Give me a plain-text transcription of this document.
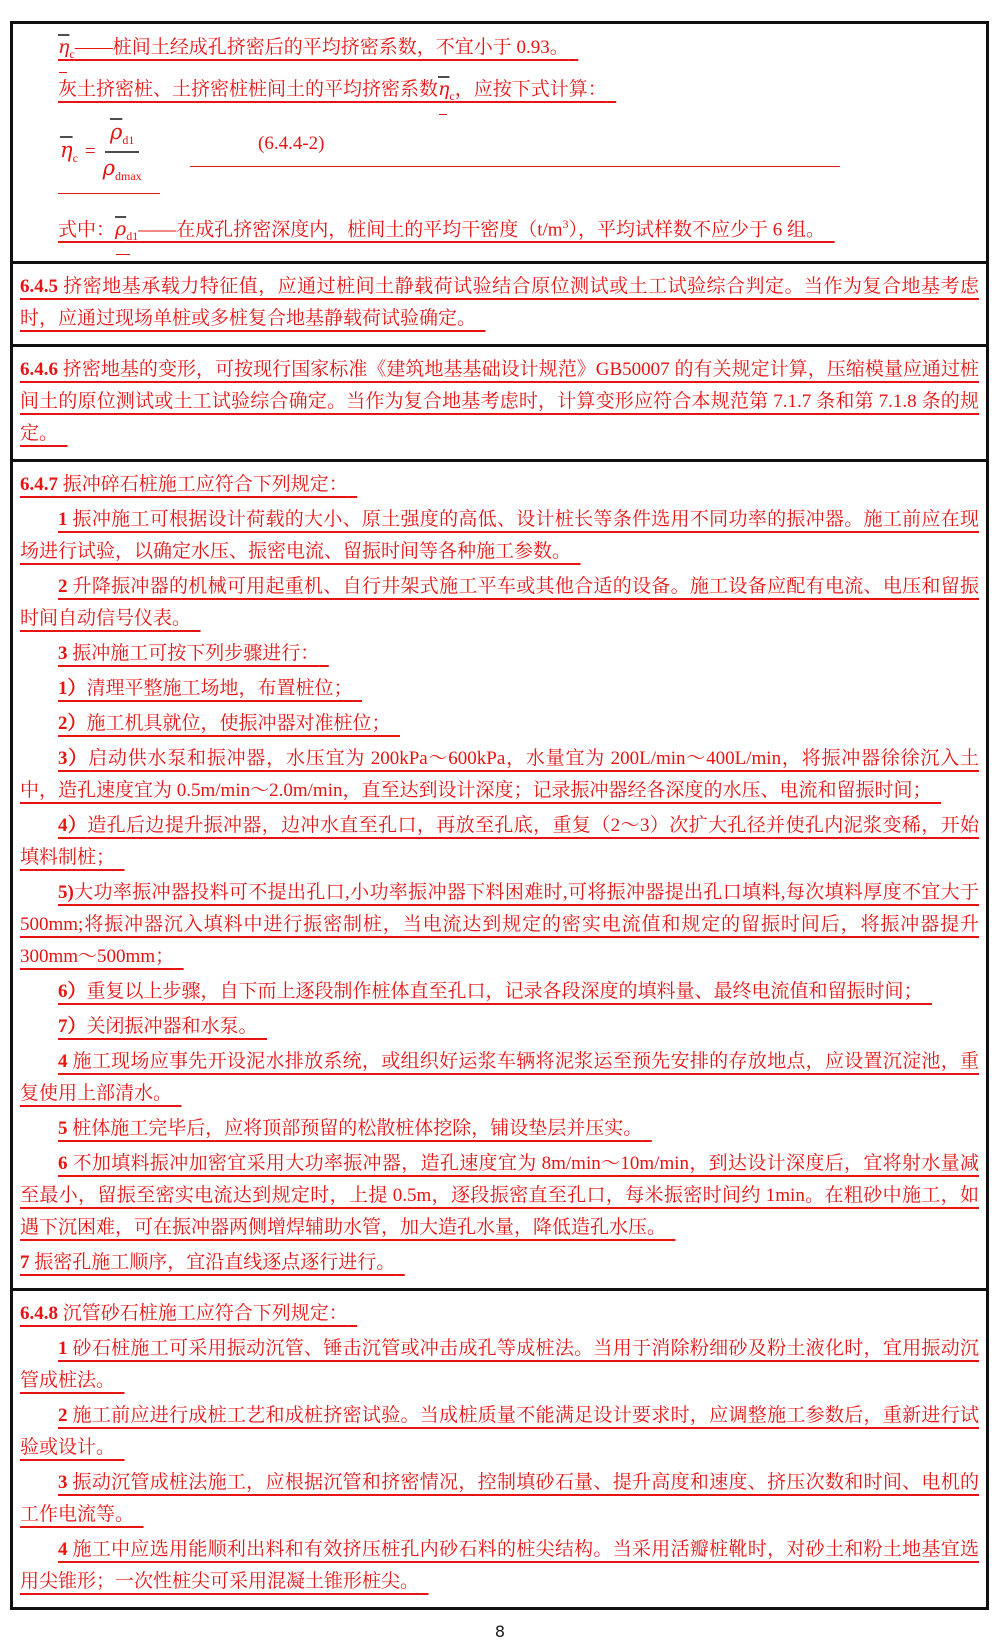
$\eta_c——$桩间土经成孔挤密后的平均挤密系数，不宜小于 0.93。

灰土挤密桩、土挤密桩桩间土的平均挤密系数$\eta_c$，应按下式计算：

$\overline{\eta}_c = \frac{\overline{\rho}_{d1}}{\rho_{dmax}}$	(6.4.4-2)

式中：$\rho_{d1}——$在成孔挤密深度内，桩间土的平均干密度$(t/m^3)$，平均试样数不应少于 6 组。

6.4.5 挤密地基承载力特征值，应通过桩间土静载荷试验结合原位测试或土工试验综合判定。当作为复合地基考虑时，应通过现场单桩或多桩复合地基静载荷试验确定。

6.4.6 挤密地基的变形，可按现行国家标准《建筑地基基础设计规范》GB50007 的有关规定计算，压缩模量应通过桩间土的原位测试或土工试验综合确定。当作为复合地基考虑时，计算变形应符合本规范第 7.1.7 条和第 7.1.8 条的规定。

6.4.7 振冲碎石桩施工应符合下列规定：

1 振冲施工可根据设计荷载的大小、原土强度的高低、设计桩长等条件选用不同功率的振冲器。施工前应在现场进行试验，以确定水压、振密电流、留振时间等各种施工参数。

2 升降振冲器的机械可用起重机、自行井架式施工平车或其他合适的设备。施工设备应配有电流、电压和留振时间自动信号仪表。

3 振冲施工可按下列步骤进行：

1）清理平整施工场地，布置桩位；

2）施工机具就位，使振冲器对准桩位；

3）启动供水泵和振冲器，水压宜为 200kPa～600kPa，水量宜为 200L/min～400L/min，将振冲器徐徐沉入土中，造孔速度宜为 0.5m/min～2.0m/min，直至达到设计深度；记录振冲器经各深度的水压、电流和留振时间；

4）造孔后边提升振冲器，边冲水直至孔口，再放至孔底，重复（2～3）次扩大孔径并使孔内泥浆变稀，开始填料制桩；

5)大功率振冲器投料可不提出孔口,小功率振冲器下料困难时,可将振冲器提出孔口填料,每次填料厚度不宜大于 500mm;将振冲器沉入填料中进行振密制桩，当电流达到规定的密实电流值和规定的留振时间后，将振冲器提升 300mm～500mm；

6）重复以上步骤，自下而上逐段制作桩体直至孔口，记录各段深度的填料量、最终电流值和留振时间；

7）关闭振冲器和水泵。

4 施工现场应事先开设泥水排放系统，或组织好运浆车辆将泥浆运至预先安排的存放地点，应设置沉淀池，重复使用上部清水。

5 桩体施工完毕后，应将顶部预留的松散桩体挖除，铺设垫层并压实。

6 不加填料振冲加密宜采用大功率振冲器，造孔速度宜为 8m/min～10m/min，到达设计深度后，宜将射水量减至最小，留振至密实电流达到规定时，上提 0.5m，逐段振密直至孔口，每米振密时间约 1min。在粗砂中施工，如遇下沉困难，可在振冲器两侧增焊辅助水管，加大造孔水量，降低造孔水压。

7 振密孔施工顺序，宜沿直线逐点逐行进行。

6.4.8 沉管砂石桩施工应符合下列规定：

1 砂石桩施工可采用振动沉管、锤击沉管或冲击成孔等成桩法。当用于消除粉细砂及粉土液化时，宜用振动沉管成桩法。

2 施工前应进行成桩工艺和成桩挤密试验。当成桩质量不能满足设计要求时，应调整施工参数后，重新进行试验或设计。

3 振动沉管成桩法施工，应根据沉管和挤密情况，控制填砂石量、提升高度和速度、挤压次数和时间、电机的工作电流等。

4 施工中应选用能顺利出料和有效挤压桩孔内砂石料的桩尖结构。当采用活瓣桩靴时，对砂土和粉土地基宜选用尖锥形；一次性桩尖可采用混凝土锥形桩尖。

8
